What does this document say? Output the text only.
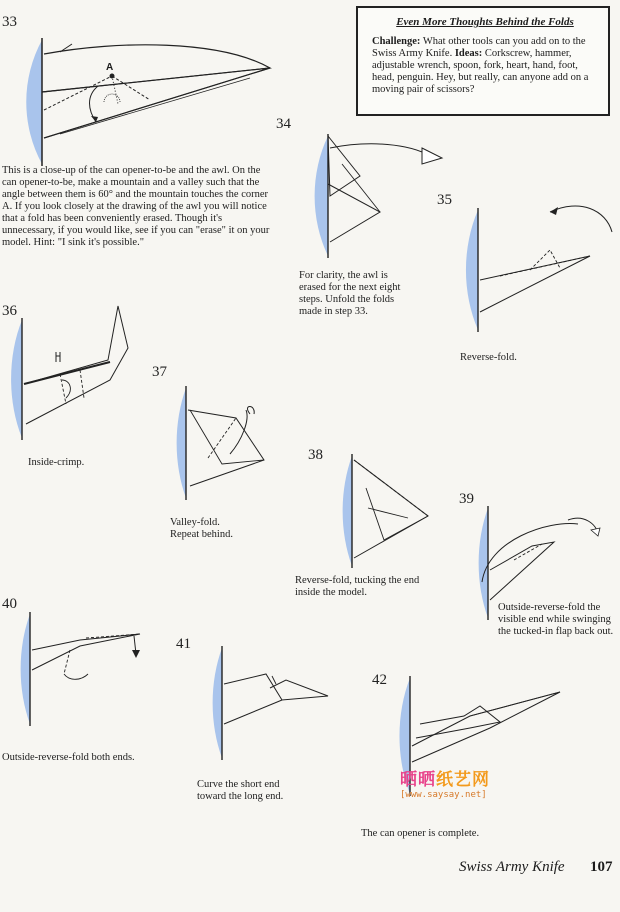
Even More Thoughts Behind the Folds
Challenge: What other tools can you add on to the Swiss Army Knife. Ideas: Corkscrew, hammer, adjustable wrench, spoon, fork, heart, hand, foot, head, penguin. Hey, but really, can anyone add on a moving pair of scissors?
33
A
This is a close-up of the can opener-to-be and the awl. On the can opener-to-be, make a mountain and a valley such that the angle between them is 60° and the mountain touches the corner A. If you look closely at the drawing of the awl you will notice that a fold has been conveniently erased. Though it's unnecessary, if you would like, see if you can "erase" it on your model. Hint: "I sink it's possible."
34
For clarity, the awl is erased for the next eight steps. Unfold the folds made in step 33.
35
Reverse-fold.
36
Inside-crimp.
37
Valley-fold. Repeat behind.
38
Reverse-fold, tucking the end inside the model.
39
Outside-reverse-fold the visible end while swinging the tucked-in flap back out.
40
Outside-reverse-fold both ends.
41
Curve the short end toward the long end.
42
The can opener is complete.
晒晒纸艺网
[www.saysay.net]
Swiss Army Knife 107
